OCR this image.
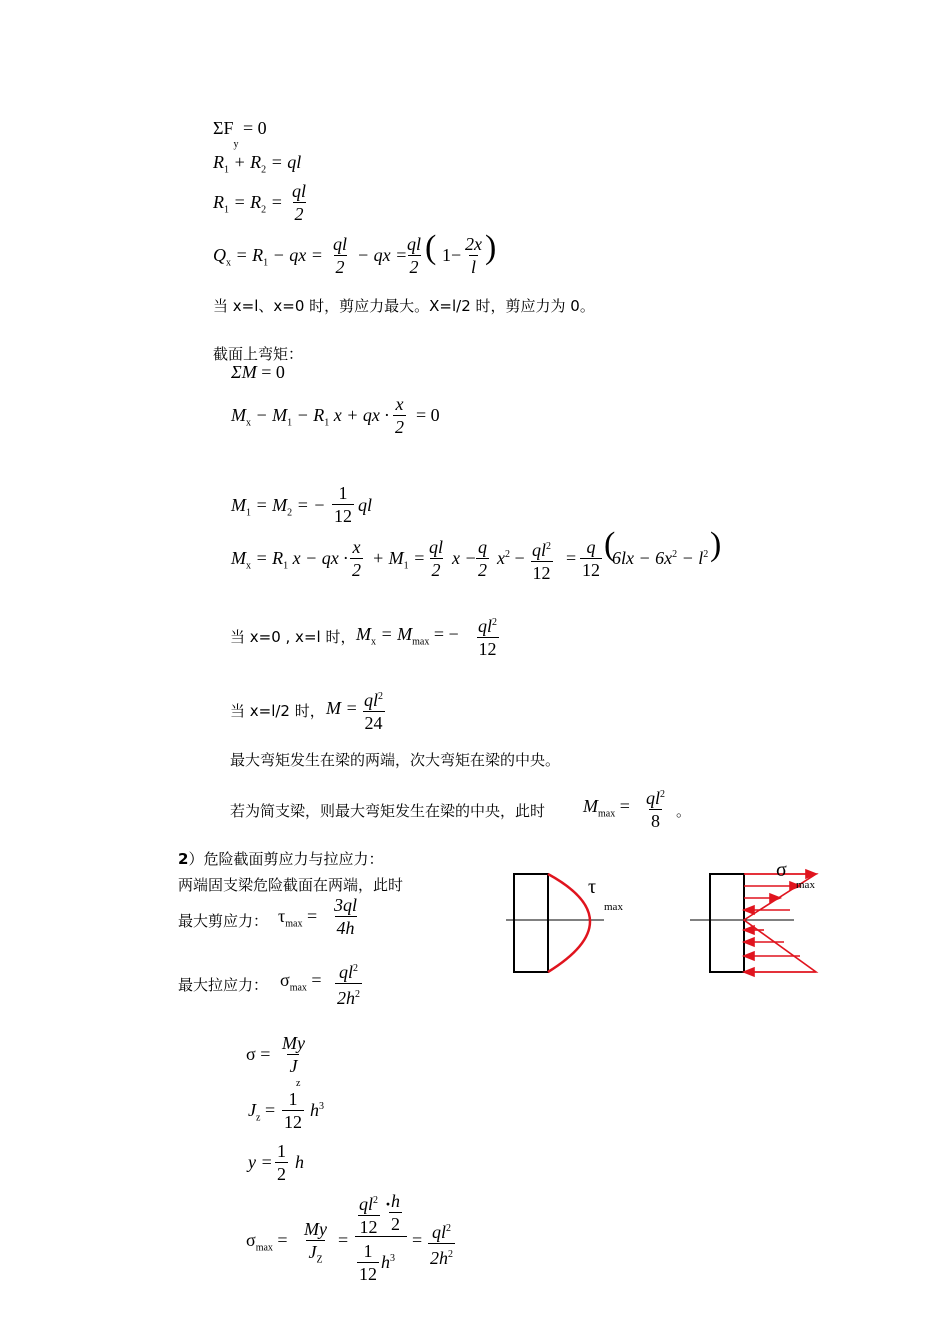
$\Sigma F_y = 0$
$R_1 + R_2$ = ql
$R_1 = R_2 = \frac{ql}{2}$
$Q_x = R_1$ − qx = $\frac{ql}{2}$ − qx =
$\frac{ql}{2}$ ( $1- \frac{2x}{l}$ )
当 x=l、x=0 时，剪应力最大。X=l/2 时，剪应力为 0。
截面上弯矩：
ΣM = 0
$M_x - M_1 - R_1$ x + qx · $\frac{x}{2} = 0$
$M_1 = M_2$ = − $\frac{1}{12}$ ql
$M_x = R_1$ x − qx · $\frac{x}{2} + M_1 = \frac{ql}{2}$ $x - \frac{q}{2} x^2 - \frac{ql^2}{12} = \frac{q}{12}$ (
$6lx - 6x^2 - l^2$ )
当 x=0 , x=l 时， $M_x = M_{max}$ = − $\frac{ql^2}{12}$
当 x=l/2 时， $M = \frac{ql^2}{24}$
最大弯矩发生在梁的两端，次大弯矩在梁的中央。
若为简支梁，则最大弯矩发生在梁的中央，此时 $M_{max} = \frac{ql^2}{8}$ 。
2）危险截面剪应力与拉应力：
两端固支梁危险截面在两端，此时
最大剪应力： $\tau_{max} = \frac{3ql}{4h}$
最大拉应力： $\sigma_{max} = \frac{ql^2}{2h^2}$
$\sigma = \frac{My}{J}$
z
$J_z = \frac{1}{12} h^3$
$y = \frac{1}{2}$ h
$\sigma_{max} = \frac{My}{J_Z}$ =
$\frac{ql^2}{12}$ ·
$\frac{h}{2}$
$\frac{1}{12} h^3$
= $\frac{ql^2}{2h^2}$
τ
max
σ
max
